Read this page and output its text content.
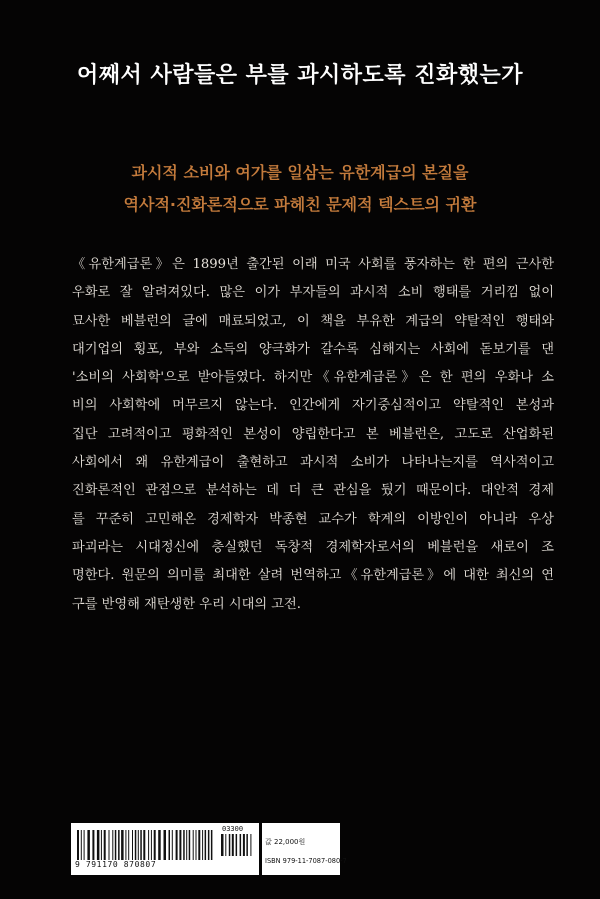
어째서 사람들은 부를 과시하도록 진화했는가
과시적 소비와 여가를 일삼는 유한계급의 본질을
역사적·진화론적으로 파헤친 문제적 텍스트의 귀환
《유한계급론》은 1899년 출간된 이래 미국 사회를 풍자하는 한 편의 근사한
우화로 잘 알려져있다. 많은 이가 부자들의 과시적 소비 행태를 거리낌 없이
묘사한 베블런의 글에 매료되었고, 이 책을 부유한 계급의 약탈적인 행태와
대기업의 횡포, 부와 소득의 양극화가 갈수록 심해지는 사회에 돋보기를 댄
'소비의 사회학'으로 받아들였다. 하지만《유한계급론》은 한 편의 우화나 소
비의 사회학에 머무르지 않는다. 인간에게 자기중심적이고 약탈적인 본성과
집단 고려적이고 평화적인 본성이 양립한다고 본 베블런은, 고도로 산업화된
사회에서 왜 유한계급이 출현하고 과시적 소비가 나타나는지를 역사적이고
진화론적인 관점으로 분석하는 데 더 큰 관심을 뒀기 때문이다. 대안적 경제
를 꾸준히 고민해온 경제학자 박종현 교수가 학계의 이방인이 아니라 우상
파괴라는 시대정신에 충실했던 독창적 경제학자로서의 베블런을 새로이 조
명한다. 원문의 의미를 최대한 살려 번역하고《유한계급론》에 대한 최신의 연
구를 반영해 재탄생한 우리 시대의 고전.
03300
9 791170 870807
값 22,000원
ISBN 979-11-7087-080-7
